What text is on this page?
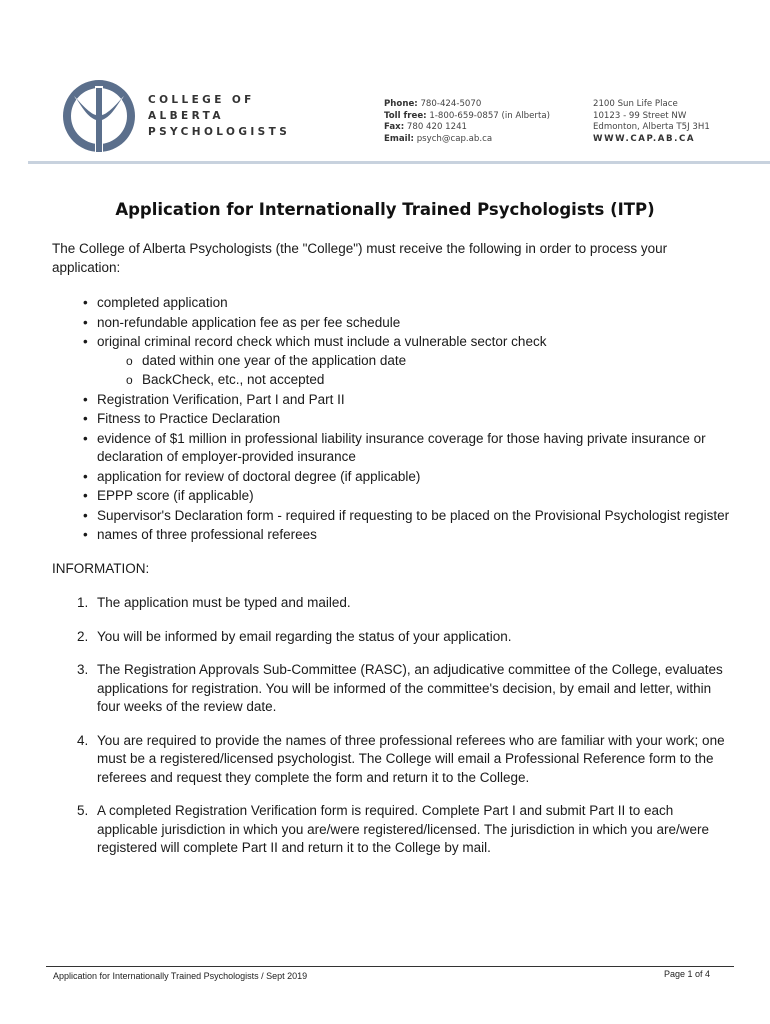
COLLEGE OF
ALBERTA
PSYCHOLOGISTS
Phone: 780-424-5070
Toll free: 1-800-659-0857 (in Alberta)
Fax: 780 420 1241
Email: psych@cap.ab.ca
2100 Sun Life Place
10123 - 99 Street NW
Edmonton, Alberta T5J 3H1
WWW.CAP.AB.CA
Application for Internationally Trained Psychologists (ITP)

The College of Alberta Psychologists (the "College") must receive the following in order to process your application:

• completed application
• non-refundable application fee as per fee schedule
• original criminal record check which must include a vulnerable sector check
o dated within one year of the application date
o BackCheck, etc., not accepted
• Registration Verification, Part I and Part II
• Fitness to Practice Declaration
• evidence of $1 million in professional liability insurance coverage for those having private insurance or declaration of employer-provided insurance
• application for review of doctoral degree (if applicable)
• EPPP score (if applicable)
• Supervisor's Declaration form - required if requesting to be placed on the Provisional Psychologist register
• names of three professional referees

INFORMATION:

1. The application must be typed and mailed.
2. You will be informed by email regarding the status of your application.
3. The Registration Approvals Sub-Committee (RASC), an adjudicative committee of the College, evaluates applications for registration. You will be informed of the committee's decision, by email and letter, within four weeks of the review date.
4. You are required to provide the names of three professional referees who are familiar with your work; one must be a registered/licensed psychologist. The College will email a Professional Reference form to the referees and request they complete the form and return it to the College.
5. A completed Registration Verification form is required. Complete Part I and submit Part II to each applicable jurisdiction in which you are/were registered/licensed. The jurisdiction in which you are/were registered will complete Part II and return it to the College by mail.
Application for Internationally Trained Psychologists / Sept 2019	Page 1 of 4
